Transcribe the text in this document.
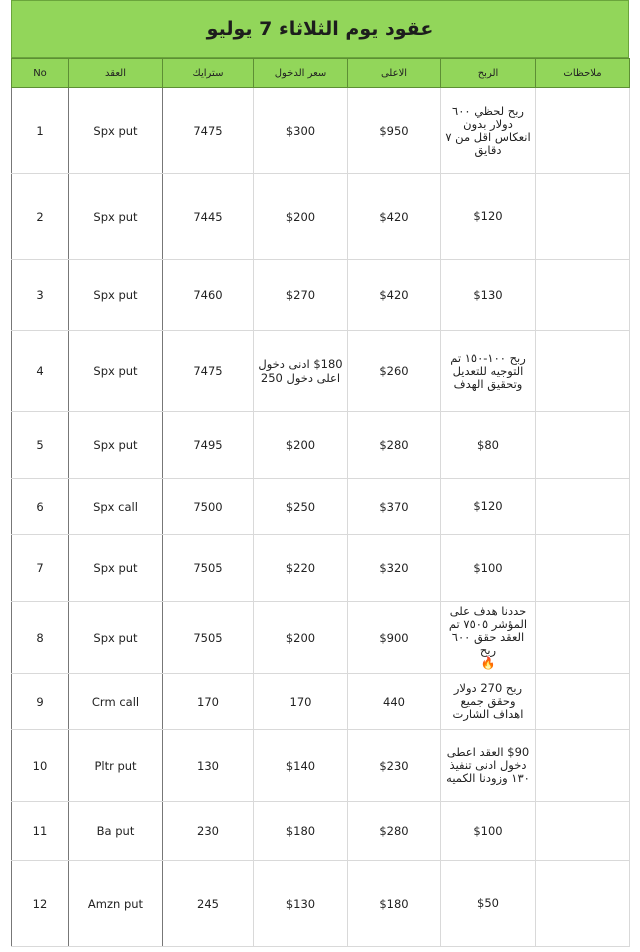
عقود يوم الثلاثاء 7 يوليو
No	العقد	سترايك	سعر الدخول	الاعلى	الربح	ملاحظات
1	Spx put	7475	$300	$950	ربح لحظي ٦٠٠ دولار بدون انعكاس اقل من ٧ دقايق	
2	Spx put	7445	$200	$420	$120	
3	Spx put	7460	$270	$420	$130	
4	Spx put	7475	$180 ادنى دخول اعلى دخول 250	$260	ربح ١٠٠-١٥٠ تم التوجيه للتعديل وتحقيق الهدف	
5	Spx put	7495	$200	$280	$80	
6	Spx call	7500	$250	$370	$120	
7	Spx put	7505	$220	$320	$100	
8	Spx put	7505	$200	$900	حددنا هدف على المؤشر ٧٥٠٥ تم العقد حقق ٦٠٠ ربح
🔥	
9	Crm call	170	170	440	ربح 270 دولار وحقق جميع اهداف الشارت	
10	Pltr put	130	$140	$230	$90 العقد اعطى دخول ادنى تنفيذ ١٣٠ وزودنا الكميه	
11	Ba put	230	$180	$280	$100	
12	Amzn put	245	$130	$180	$50	
